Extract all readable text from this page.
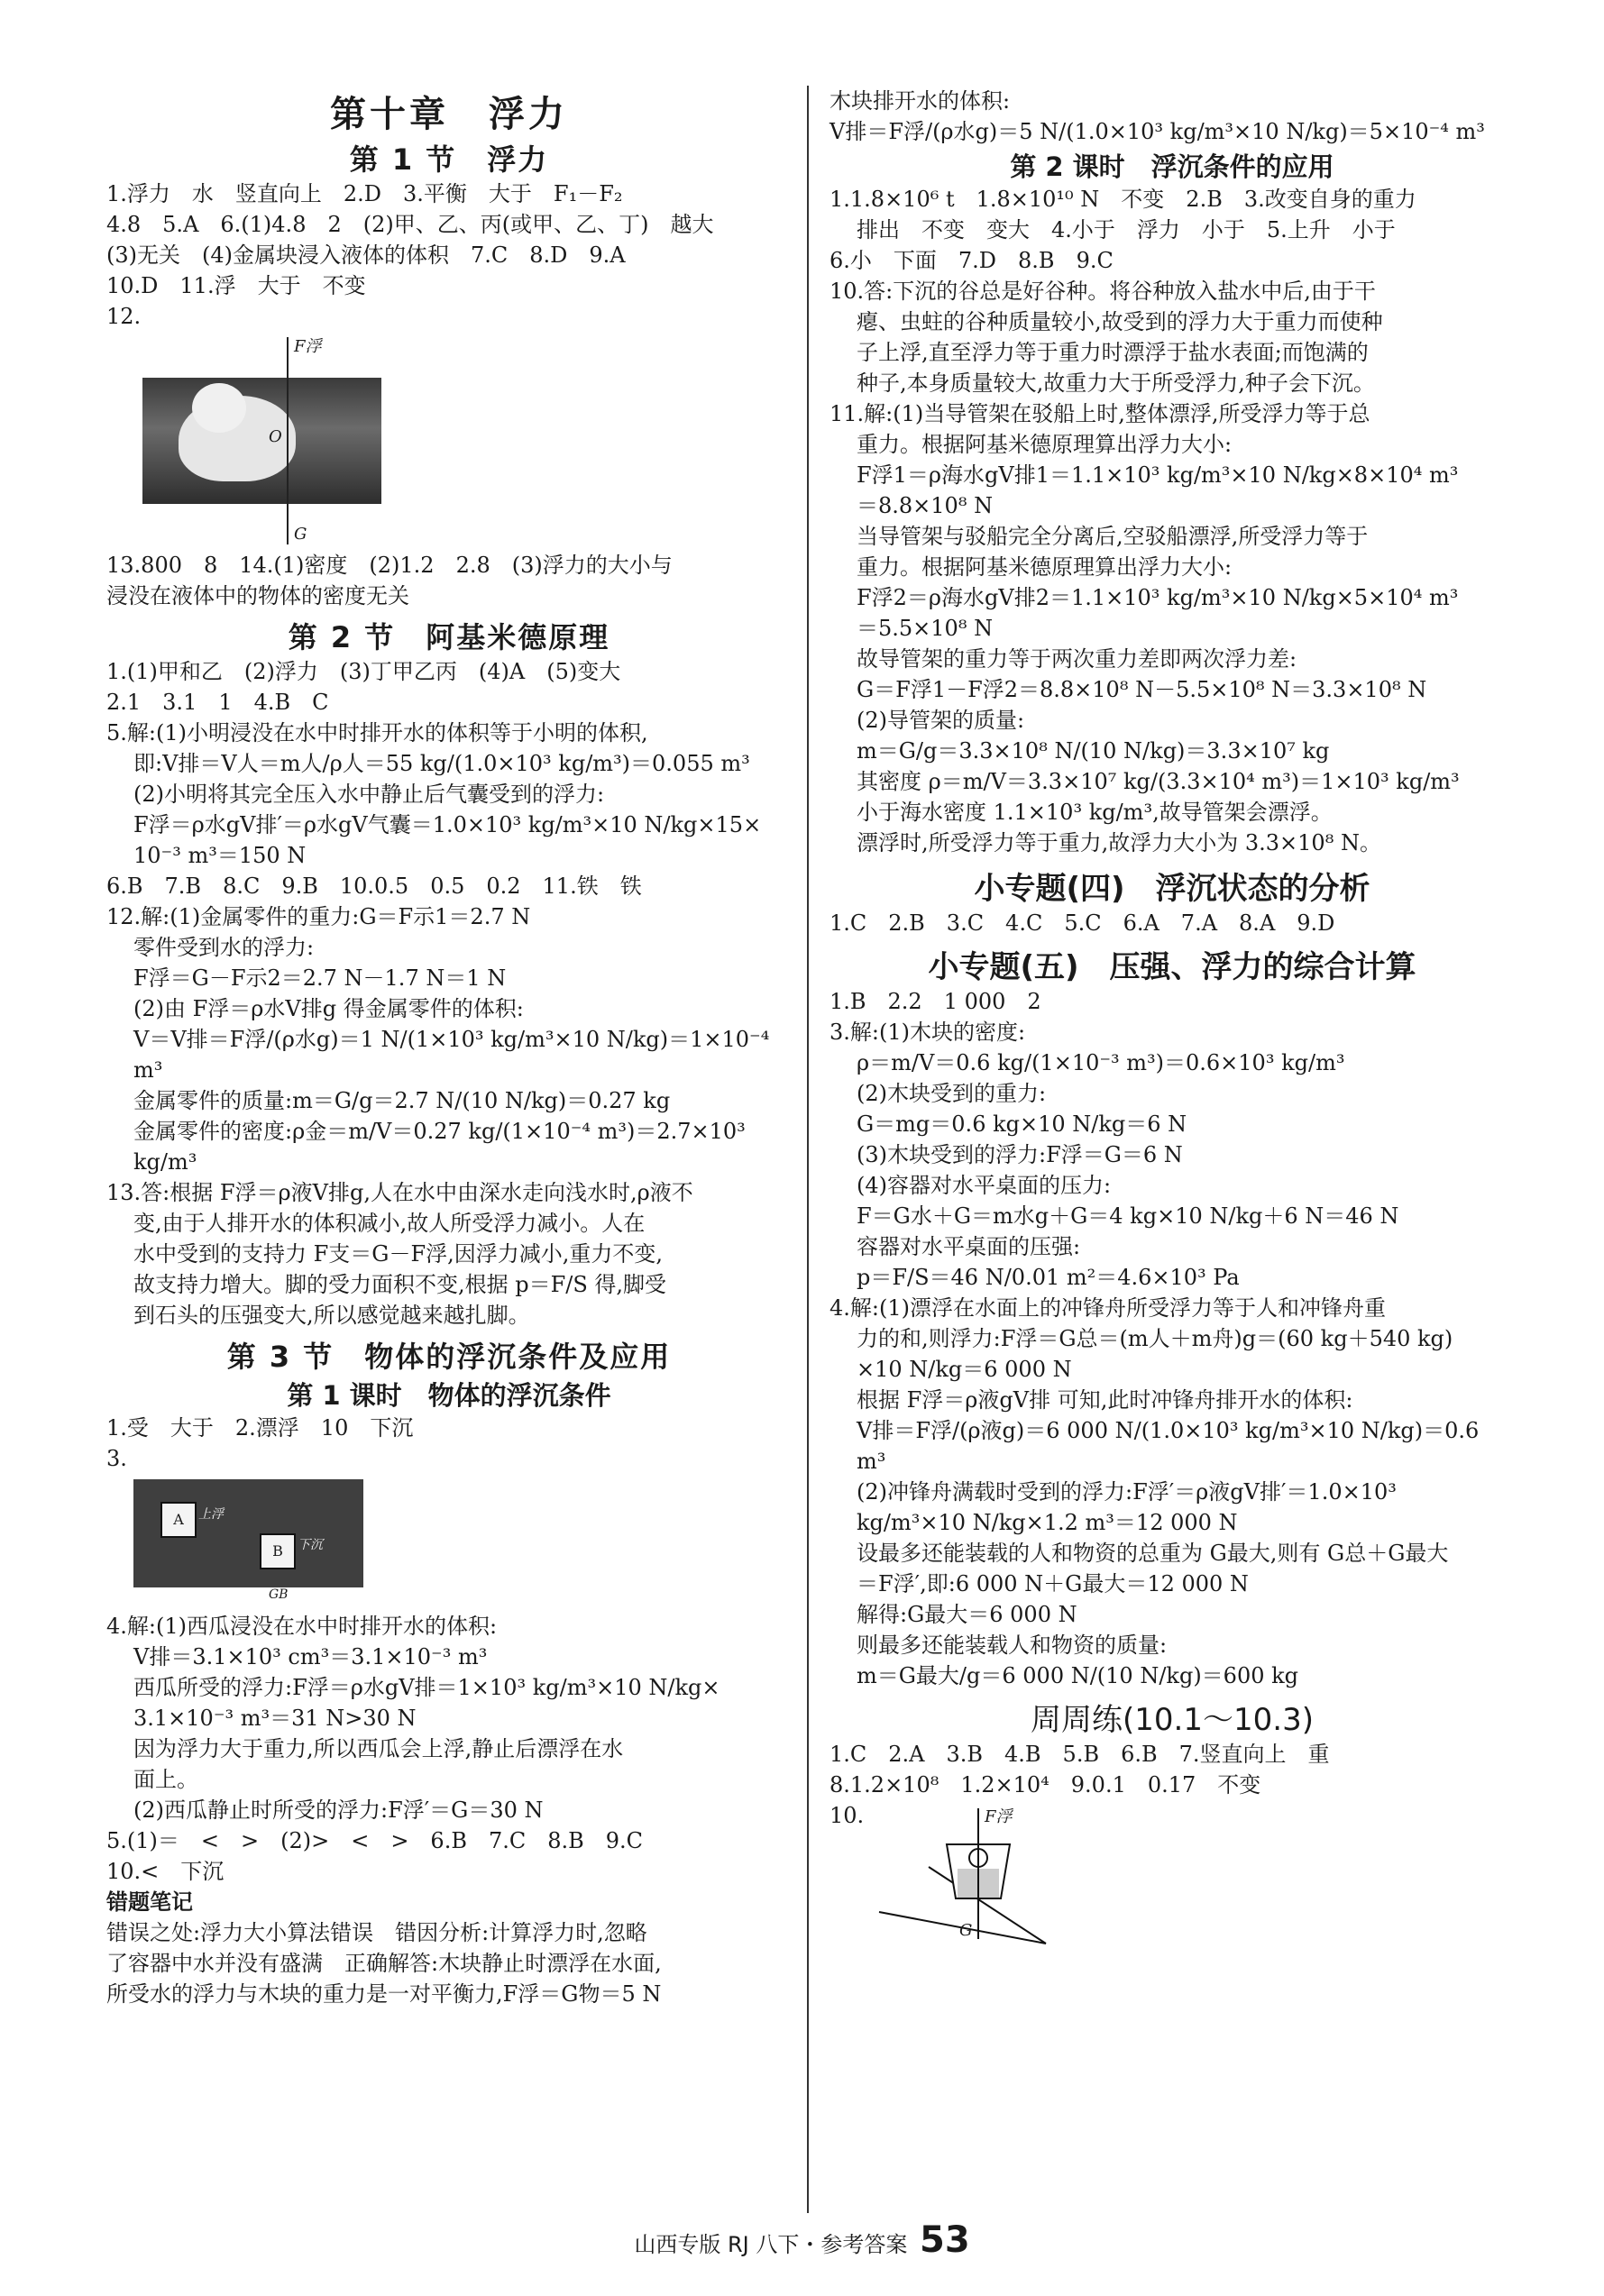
第十章　浮力
第 1 节　浮力
1.浮力　水　竖直向上　2.D　3.平衡　大于　F₁－F₂
4.8　5.A　6.(1)4.8　2　(2)甲、乙、丙(或甲、乙、丁)　越大
(3)无关　(4)金属块浸入液体的体积　7.C　8.D　9.A
10.D　11.浮　大于　不变
12.
F浮
O
G
13.800　8　14.(1)密度　(2)1.2　2.8　(3)浮力的大小与
浸没在液体中的物体的密度无关
第 2 节　阿基米德原理
1.(1)甲和乙　(2)浮力　(3)丁甲乙丙　(4)A　(5)变大
2.1　3.1　1　4.B　C
5.解:(1)小明浸没在水中时排开水的体积等于小明的体积,
即:V排＝V人＝m人/ρ人＝55 kg/(1.0×10³ kg/m³)＝0.055 m³
(2)小明将其完全压入水中静止后气囊受到的浮力:
F浮＝ρ水gV排′＝ρ水gV气囊＝1.0×10³ kg/m³×10 N/kg×15×
10⁻³ m³＝150 N
6.B　7.B　8.C　9.B　10.0.5　0.5　0.2　11.铁　铁
12.解:(1)金属零件的重力:G＝F示1＝2.7 N
零件受到水的浮力:
F浮＝G－F示2＝2.7 N－1.7 N＝1 N
(2)由 F浮＝ρ水V排g 得金属零件的体积:
V＝V排＝F浮/(ρ水g)＝1 N/(1×10³ kg/m³×10 N/kg)＝1×10⁻⁴ m³
金属零件的质量:m＝G/g＝2.7 N/(10 N/kg)＝0.27 kg
金属零件的密度:ρ金＝m/V＝0.27 kg/(1×10⁻⁴ m³)＝2.7×10³ kg/m³
13.答:根据 F浮＝ρ液V排g,人在水中由深水走向浅水时,ρ液不
变,由于人排开水的体积减小,故人所受浮力减小。人在
水中受到的支持力 F支＝G－F浮,因浮力减小,重力不变,
故支持力增大。脚的受力面积不变,根据 p＝F/S 得,脚受
到石头的压强变大,所以感觉越来越扎脚。
第 3 节　物体的浮沉条件及应用
第 1 课时　物体的浮沉条件
1.受　大于　2.漂浮　10　下沉
3.
A
B
上浮
下沉
GB
4.解:(1)西瓜浸没在水中时排开水的体积:
V排＝3.1×10³ cm³＝3.1×10⁻³ m³
西瓜所受的浮力:F浮＝ρ水gV排＝1×10³ kg/m³×10 N/kg×
3.1×10⁻³ m³＝31 N>30 N
因为浮力大于重力,所以西瓜会上浮,静止后漂浮在水
面上。
(2)西瓜静止时所受的浮力:F浮′＝G＝30 N
5.(1)＝　<　>　(2)>　<　>　6.B　7.C　8.B　9.C
10.<　下沉
错题笔记
错误之处:浮力大小算法错误　错因分析:计算浮力时,忽略
了容器中水并没有盛满　正确解答:木块静止时漂浮在水面,
所受水的浮力与木块的重力是一对平衡力,F浮＝G物＝5 N
木块排开水的体积:
V排＝F浮/(ρ水g)＝5 N/(1.0×10³ kg/m³×10 N/kg)＝5×10⁻⁴ m³
第 2 课时　浮沉条件的应用
1.1.8×10⁶ t　1.8×10¹⁰ N　不变　2.B　3.改变自身的重力
排出　不变　变大　4.小于　浮力　小于　5.上升　小于
6.小　下面　7.D　8.B　9.C
10.答:下沉的谷总是好谷种。将谷种放入盐水中后,由于干
瘪、虫蛀的谷种质量较小,故受到的浮力大于重力而使种
子上浮,直至浮力等于重力时漂浮于盐水表面;而饱满的
种子,本身质量较大,故重力大于所受浮力,种子会下沉。
11.解:(1)当导管架在驳船上时,整体漂浮,所受浮力等于总
重力。根据阿基米德原理算出浮力大小:
F浮1＝ρ海水gV排1＝1.1×10³ kg/m³×10 N/kg×8×10⁴ m³
＝8.8×10⁸ N
当导管架与驳船完全分离后,空驳船漂浮,所受浮力等于
重力。根据阿基米德原理算出浮力大小:
F浮2＝ρ海水gV排2＝1.1×10³ kg/m³×10 N/kg×5×10⁴ m³
＝5.5×10⁸ N
故导管架的重力等于两次重力差即两次浮力差:
G＝F浮1－F浮2＝8.8×10⁸ N－5.5×10⁸ N＝3.3×10⁸ N
(2)导管架的质量:
m＝G/g＝3.3×10⁸ N/(10 N/kg)＝3.3×10⁷ kg
其密度 ρ＝m/V＝3.3×10⁷ kg/(3.3×10⁴ m³)＝1×10³ kg/m³
小于海水密度 1.1×10³ kg/m³,故导管架会漂浮。
漂浮时,所受浮力等于重力,故浮力大小为 3.3×10⁸ N。
小专题(四)　浮沉状态的分析
1.C　2.B　3.C　4.C　5.C　6.A　7.A　8.A　9.D
小专题(五)　压强、浮力的综合计算
1.B　2.2　1 000　2
3.解:(1)木块的密度:
ρ＝m/V＝0.6 kg/(1×10⁻³ m³)＝0.6×10³ kg/m³
(2)木块受到的重力:
G＝mg＝0.6 kg×10 N/kg＝6 N
(3)木块受到的浮力:F浮＝G＝6 N
(4)容器对水平桌面的压力:
F＝G水＋G＝m水g＋G＝4 kg×10 N/kg＋6 N＝46 N
容器对水平桌面的压强:
p＝F/S＝46 N/0.01 m²＝4.6×10³ Pa
4.解:(1)漂浮在水面上的冲锋舟所受浮力等于人和冲锋舟重
力的和,则浮力:F浮＝G总＝(m人＋m舟)g＝(60 kg＋540 kg)
×10 N/kg＝6 000 N
根据 F浮＝ρ液gV排 可知,此时冲锋舟排开水的体积:
V排＝F浮/(ρ液g)＝6 000 N/(1.0×10³ kg/m³×10 N/kg)＝0.6 m³
(2)冲锋舟满载时受到的浮力:F浮′＝ρ液gV排′＝1.0×10³
kg/m³×10 N/kg×1.2 m³＝12 000 N
设最多还能装载的人和物资的总重为 G最大,则有 G总＋G最大
＝F浮′,即:6 000 N＋G最大＝12 000 N
解得:G最大＝6 000 N
则最多还能装载人和物资的质量:
m＝G最大/g＝6 000 N/(10 N/kg)＝600 kg
周周练(10.1～10.3)
1.C　2.A　3.B　4.B　5.B　6.B　7.竖直向上　重
8.1.2×10⁸　1.2×10⁴　9.0.1　0.17　不变
10.	F浮
G
山西专版 RJ 八下・参考答案 53
